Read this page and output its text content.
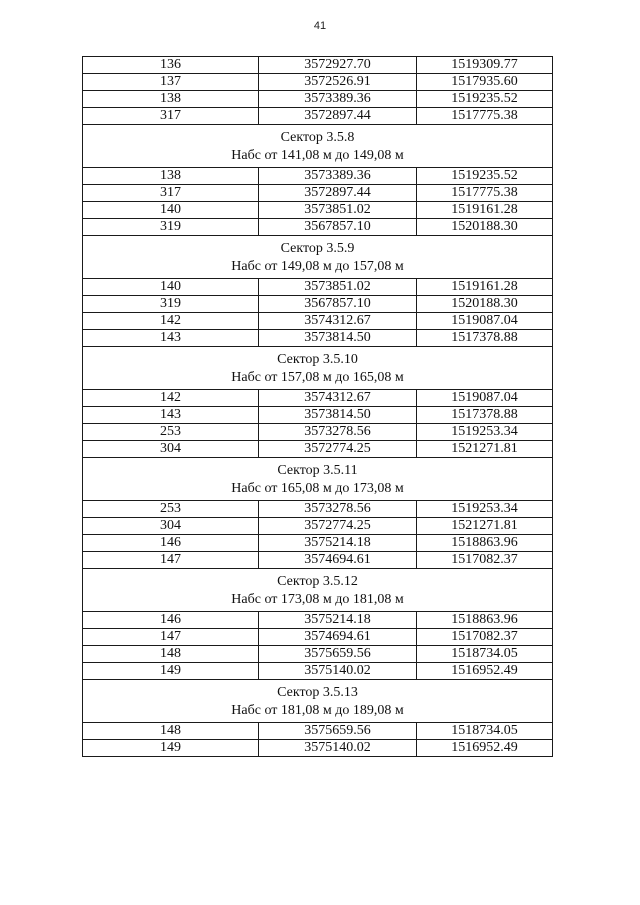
41
136	3572927.70	1519309.77
137	3572526.91	1517935.60
138	3573389.36	1519235.52
317	3572897.44	1517775.38

Сектор 3.5.8
Набс от 141,08 м до 149,08 м		

138	3573389.36	1519235.52
317	3572897.44	1517775.38
140	3573851.02	1519161.28
319	3567857.10	1520188.30

Сектор 3.5.9
Набс от 149,08 м до 157,08 м		

140	3573851.02	1519161.28
319	3567857.10	1520188.30
142	3574312.67	1519087.04
143	3573814.50	1517378.88

Сектор 3.5.10
Набс от 157,08 м до 165,08 м		

142	3574312.67	1519087.04
143	3573814.50	1517378.88
253	3573278.56	1519253.34
304	3572774.25	1521271.81

Сектор 3.5.11
Набс от 165,08 м до 173,08 м		

253	3573278.56	1519253.34
304	3572774.25	1521271.81
146	3575214.18	1518863.96
147	3574694.61	1517082.37

Сектор 3.5.12
Набс от 173,08 м до 181,08 м		

146	3575214.18	1518863.96
147	3574694.61	1517082.37
148	3575659.56	1518734.05
149	3575140.02	1516952.49

Сектор 3.5.13
Набс от 181,08 м до 189,08 м		

148	3575659.56	1518734.05
149	3575140.02	1516952.49
